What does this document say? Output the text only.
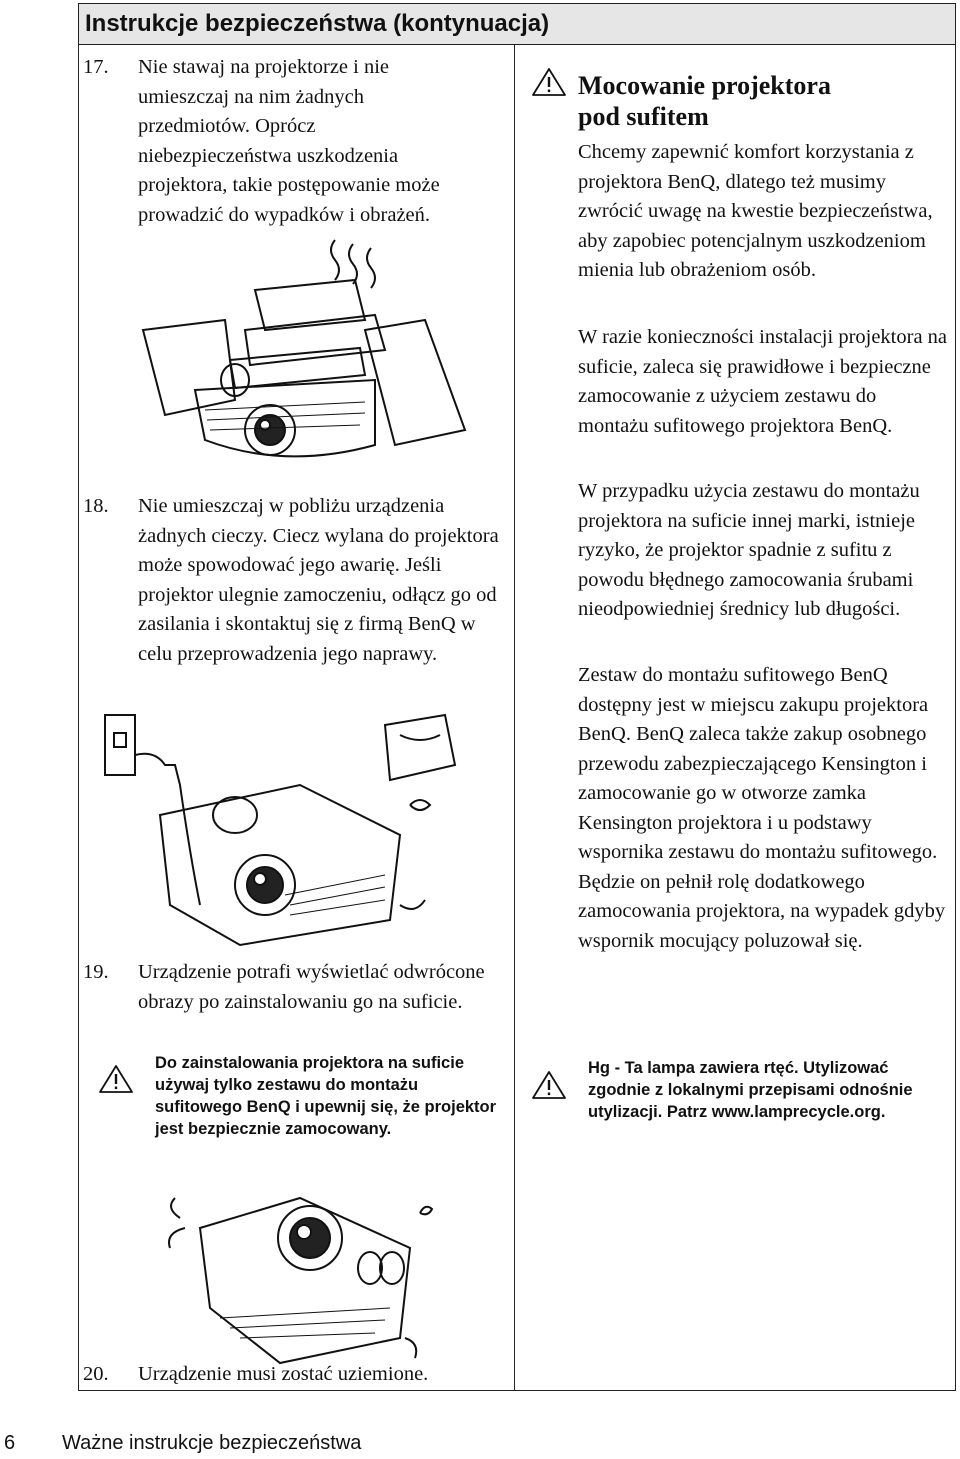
Instrukcje bezpieczeństwa (kontynuacja)
17. Nie stawaj na projektorze i nie umieszczaj na nim żadnych przedmiotów. Oprócz niebezpieczeństwa uszkodzenia projektora, takie postępowanie może prowadzić do wypadków i obrażeń.
18. Nie umieszczaj w pobliżu urządzenia żadnych cieczy. Ciecz wylana do projektora może spowodować jego awarię. Jeśli projektor ulegnie zamoczeniu, odłącz go od zasilania i skontaktuj się z firmą BenQ w celu przeprowadzenia jego naprawy.
19. Urządzenie potrafi wyświetlać odwrócone obrazy po zainstalowaniu go na suficie.
Do zainstalowania projektora na suficie używaj tylko zestawu do montażu sufitowego BenQ i upewnij się, że projektor jest bezpiecznie zamocowany.
20. Urządzenie musi zostać uziemione.
Mocowanie projektora
pod sufitem
Chcemy zapewnić komfort korzystania z projektora BenQ, dlatego też musimy zwrócić uwagę na kwestie bezpieczeństwa, aby zapobiec potencjalnym uszkodzeniom mienia lub obrażeniom osób.
W razie konieczności instalacji projektora na suficie, zaleca się prawidłowe i bezpieczne zamocowanie z użyciem zestawu do montażu sufitowego projektora BenQ.
W przypadku użycia zestawu do montażu projektora na suficie innej marki, istnieje ryzyko, że projektor spadnie z sufitu z powodu błędnego zamocowania śrubami nieodpowiedniej średnicy lub długości.
Zestaw do montażu sufitowego BenQ dostępny jest w miejscu zakupu projektora BenQ. BenQ zaleca także zakup osobnego przewodu zabezpieczającego Kensington i zamocowanie go w otworze zamka Kensington projektora i u podstawy wspornika zestawu do montażu sufitowego. Będzie on pełnił rolę dodatkowego zamocowania projektora, na wypadek gdyby wspornik mocujący poluzował się.
Hg - Ta lampa zawiera rtęć. Utylizować zgodnie z lokalnymi przepisami odnośnie utylizacji. Patrz www.lamprecycle.org.
6 Ważne instrukcje bezpieczeństwa
